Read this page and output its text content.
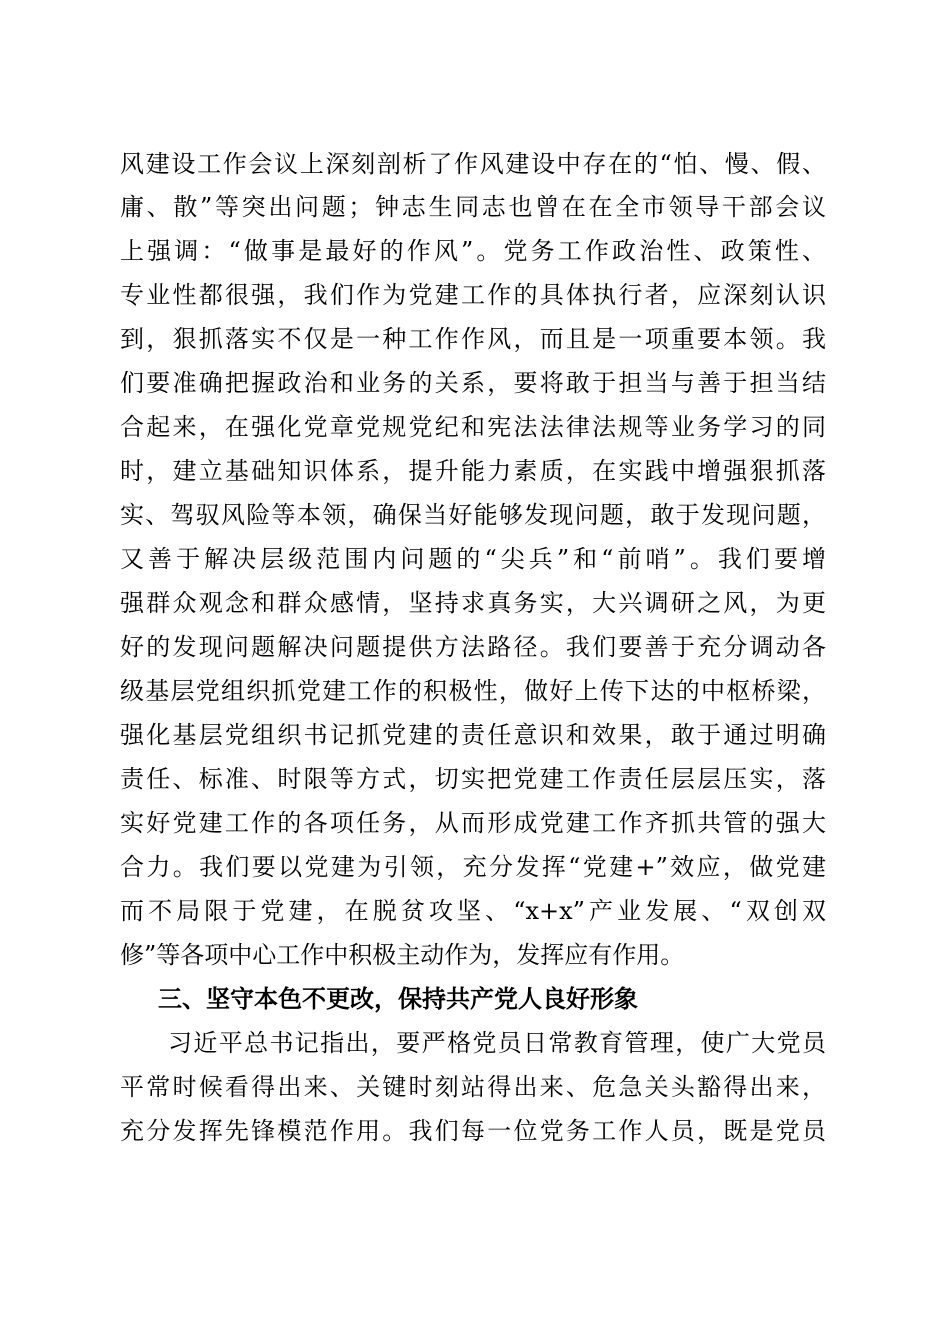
风建设工作会议上深刻剖析了作风建设中存在的“怕、慢、假、
庸、散”等突出问题；钟志生同志也曾在在全市领导干部会议
上强调：“做事是最好的作风”。党务工作政治性、政策性、
专业性都很强，我们作为党建工作的具体执行者，应深刻认识
到，狠抓落实不仅是一种工作作风，而且是一项重要本领。我
们要准确把握政治和业务的关系，要将敢于担当与善于担当结
合起来，在强化党章党规党纪和宪法法律法规等业务学习的同
时，建立基础知识体系，提升能力素质，在实践中增强狠抓落
实、驾驭风险等本领，确保当好能够发现问题，敢于发现问题，
又善于解决层级范围内问题的“尖兵”和“前哨”。我们要增
强群众观念和群众感情，坚持求真务实，大兴调研之风，为更
好的发现问题解决问题提供方法路径。我们要善于充分调动各
级基层党组织抓党建工作的积极性，做好上传下达的中枢桥梁，
强化基层党组织书记抓党建的责任意识和效果，敢于通过明确
责任、标准、时限等方式，切实把党建工作责任层层压实，落
实好党建工作的各项任务，从而形成党建工作齐抓共管的强大
合力。我们要以党建为引领，充分发挥“党建+”效应，做党建
而不局限于党建，在脱贫攻坚、“x+x”产业发展、“双创双
修”等各项中心工作中积极主动作为，发挥应有作用。
三、坚守本色不更改，保持共产党人良好形象
习近平总书记指出，要严格党员日常教育管理，使广大党员
平常时候看得出来、关键时刻站得出来、危急关头豁得出来，
充分发挥先锋模范作用。我们每一位党务工作人员，既是党员
